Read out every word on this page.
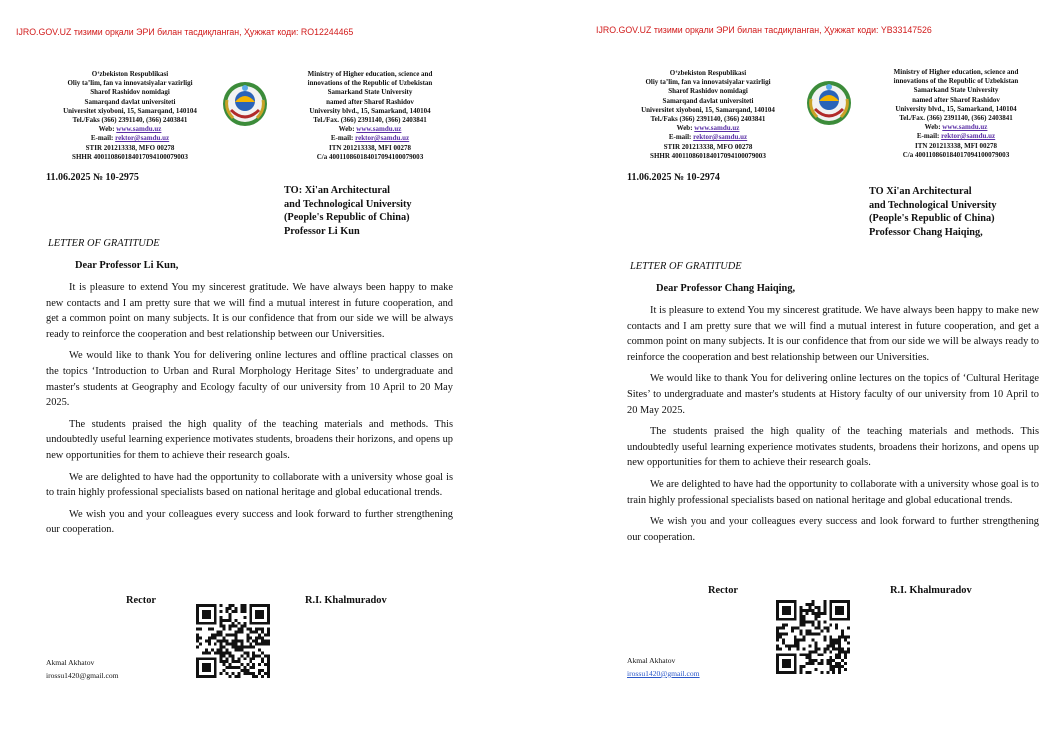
IJRO.GOV.UZ тизими орқали ЭРИ билан тасдиқланган, Ҳужжат коди: RO12244465
O‘zbekiston Respublikasi
Oliy ta’lim, fan va innovatsiyalar vazirligi
Sharof Rashidov nomidagi
Samarqand davlat universiteti
Universitet xiyoboni, 15, Samarqand, 140104
Tel./Faks (366) 2391140, (366) 2403841
Web: www.samdu.uz
E-mail: rektor@samdu.uz
STIR 201213338, MFO 00278
SHHR 40011086018401709410007900З
Ministry of Higher education, science and
innovations of the Republic of Uzbekistan
Samarkand State University
named after Sharof Rashidov
University blvd., 15, Samarkand, 140104
Tel./Fax. (366) 2391140, (366) 2403841
Web: www.samdu.uz
E-mail: rektor@samdu.uz
ITN 201213338, MFI 00278
C/a 40011086018401709410007900З
11.06.2025 № 10-2975
TO: Xi'an Architectural
and Technological University
(People's Republic of China)
Professor Li Kun
LETTER OF GRATITUDE
Dear Professor Li Kun,

It is pleasure to extend You my sincerest gratitude. We have always been happy to make new contacts and I am pretty sure that we will find a mutual interest in future cooperation, and get a common point on many subjects. It is our confidence that from our side we will be always ready to reinforce the cooperation and best relationship between our Universities.

We would like to thank You for delivering online lectures and offline practical classes on the topics ‘Introduction to Urban and Rural Morphology Heritage Sites’ to undergraduate and master's students at Geography and Ecology faculty of our university from 10 April to 20 May 2025.

The students praised the high quality of the teaching materials and methods. This undoubtedly useful learning experience motivates students, broadens their horizons, and opens up new opportunities for them to achieve their research goals.

We are delighted to have had the opportunity to collaborate with a university whose goal is to train highly professional specialists based on national heritage and global educational trends.

We wish you and your colleagues every success and look forward to further strengthening our cooperation.

Rector	R.I. Khalmuradov
Akmal Akhatov
irossu1420@gmail.com
IJRO.GOV.UZ тизими орқали ЭРИ билан тасдиқланган, Ҳужжат коди: YB33147526
O‘zbekiston Respublikasi
Oliy ta’lim, fan va innovatsiyalar vazirligi
Sharof Rashidov nomidagi
Samarqand davlat universiteti
Universitet xiyoboni, 15, Samarqand, 140104
Tel./Faks (366) 2391140, (366) 2403841
Web: www.samdu.uz
E-mail: rektor@samdu.uz
STIR 201213338, MFO 00278
SHHR 40011086018401709410007900З
Ministry of Higher education, science and
innovations of the Republic of Uzbekistan
Samarkand State University
named after Sharof Rashidov
University blvd., 15, Samarkand, 140104
Tel./Fax. (366) 2391140, (366) 2403841
Web: www.samdu.uz
E-mail: rektor@samdu.uz
ITN 201213338, MFI 00278
C/a 40011086018401709410007900З
11.06.2025 № 10-2974
TO Xi'an Architectural
and Technological University
(People's Republic of China)
Professor Chang Haiqing,
LETTER OF GRATITUDE
Dear Professor Chang Haiqing,

It is pleasure to extend You my sincerest gratitude. We have always been happy to make new contacts and I am pretty sure that we will find a mutual interest in future cooperation, and get a common point on many subjects. It is our confidence that from our side we will be always ready to reinforce the cooperation and best relationship between our Universities.

We would like to thank You for delivering online lectures on the topics of ‘Cultural Heritage Sites’ to undergraduate and master's students at History faculty of our university from 10 April to 20 May 2025.

The students praised the high quality of the teaching materials and methods. This undoubtedly useful learning experience motivates students, broadens their horizons, and opens up new opportunities for them to achieve their research goals.

We are delighted to have had the opportunity to collaborate with a university whose goal is to train highly professional specialists based on national heritage and global educational trends.

We wish you and your colleagues every success and look forward to further strengthening our cooperation.

Rector	R.I. Khalmuradov
Akmal Akhatov
irossu1420@gmail.com
